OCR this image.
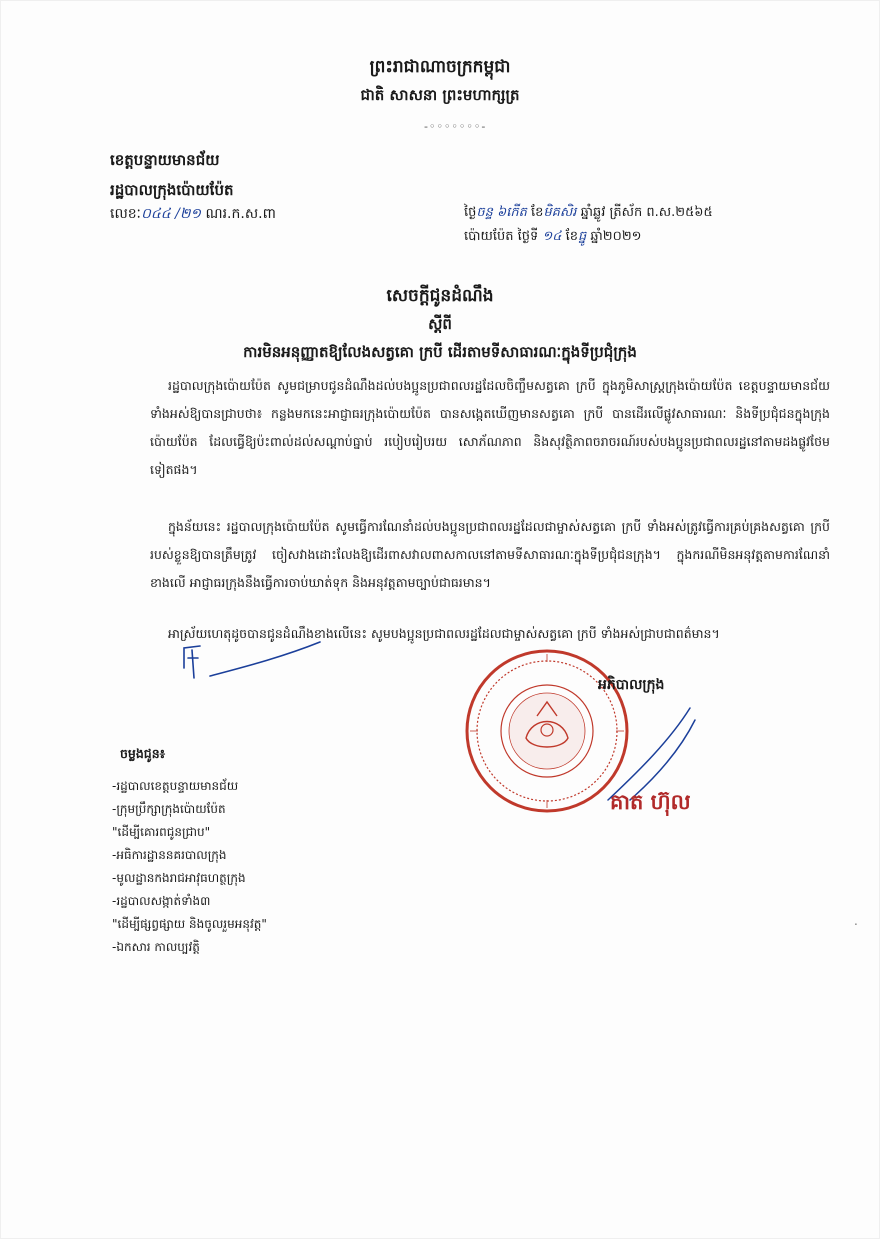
ព្រះរាជាណាចក្រកម្ពុជា
ជាតិ សាសនា ព្រះមហាក្សត្រ
-◦◦◦◦◦◦◦-
ខេត្តបន្ទាយមានជ័យ
រដ្ឋបាលក្រុងប៉ោយប៉ែត
លេខៈ០៤៤ /២១ ណរ.ក.ស.ពា	ថ្ងៃចន្ទ ៦កើត ខែមិគសិរ ឆ្នាំឆ្លូវ ត្រីស័ក ព.ស.២៥៦៥
ប៉ោយប៉ែត ថ្ងៃទី ១៤ ខែធ្នូ ឆ្នាំ២០២១
សេចក្ដីជូនដំណឹង
ស្ដីពី
ការមិនអនុញ្ញាតឱ្យលែងសត្វគោ ក្របី ដើរតាមទីសាធារណៈក្នុងទីប្រជុំក្រុង
រដ្ឋបាលក្រុងប៉ោយប៉ែត សូមជម្រាបជូនដំណឹងដល់បងប្អូនប្រជាពលរដ្ឋដែលចិញ្ចឹមសត្វគោ ក្របី ក្នុងភូមិសាស្ត្រក្រុងប៉ោយប៉ែត ខេត្តបន្ទាយមានជ័យ ទាំងអស់ឱ្យបានជ្រាបថា៖ កន្លងមកនេះអាជ្ញាធរក្រុងប៉ោយប៉ែត បានសង្កេតឃើញមានសត្វគោ ក្របី បានដើរលើផ្លូវសាធារណៈ និងទីប្រជុំជនក្នុងក្រុងប៉ោយប៉ែត ដែលធ្វើឱ្យប៉ះពាល់ដល់សណ្ដាប់ធ្នាប់ របៀបរៀបរយ សោភ័ណភាព និងសុវត្ថិភាពចរាចរណ៍របស់បងប្អូនប្រជាពលរដ្ឋនៅតាមដងផ្លូវថែមទៀតផង។
ក្នុងន័យនេះ រដ្ឋបាលក្រុងប៉ោយប៉ែត សូមធ្វើការណែនាំដល់បងប្អូនប្រជាពលរដ្ឋដែលជាម្ចាស់សត្វគោ ក្របី ទាំងអស់ត្រូវធ្វើការគ្រប់គ្រងសត្វគោ ក្របី របស់ខ្លួនឱ្យបានត្រឹមត្រូវ ចៀសវាងដោះលែងឱ្យដើរពាសវាលពាសកាលនៅតាមទីសាធារណៈក្នុងទីប្រជុំជនក្រុង។ ក្នុងករណីមិនអនុវត្តតាមការណែនាំខាងលើ អាជ្ញាធរក្រុងនឹងធ្វើការចាប់ឃាត់ទុក និងអនុវត្តតាមច្បាប់ជាធរមាន។
អាស្រ័យហេតុដូចបានជូនដំណឹងខាងលើនេះ សូមបងប្អូនប្រជាពលរដ្ឋដែលជាម្ចាស់សត្វគោ ក្របី ទាំងអស់ជ្រាបជាពត៌មាន។
អភិបាលក្រុង
គាត ហ៊ុល
ចម្លងជូន៖
-រដ្ឋបាលខេត្តបន្ទាយមានជ័យ
-ក្រុមប្រឹក្សាក្រុងប៉ោយប៉ែត
"ដើម្បីគោរពជូនជ្រាប"
-អធិការដ្ឋាននគរបាលក្រុង
-មូលដ្ឋានកងរាជអាវុធហត្ថក្រុង
-រដ្ឋបាលសង្កាត់ទាំង៣
"ដើម្បីផ្សព្វផ្សាយ និងចូលរួមអនុវត្ត"
-ឯកសារ កាលប្បវត្តិ
.
